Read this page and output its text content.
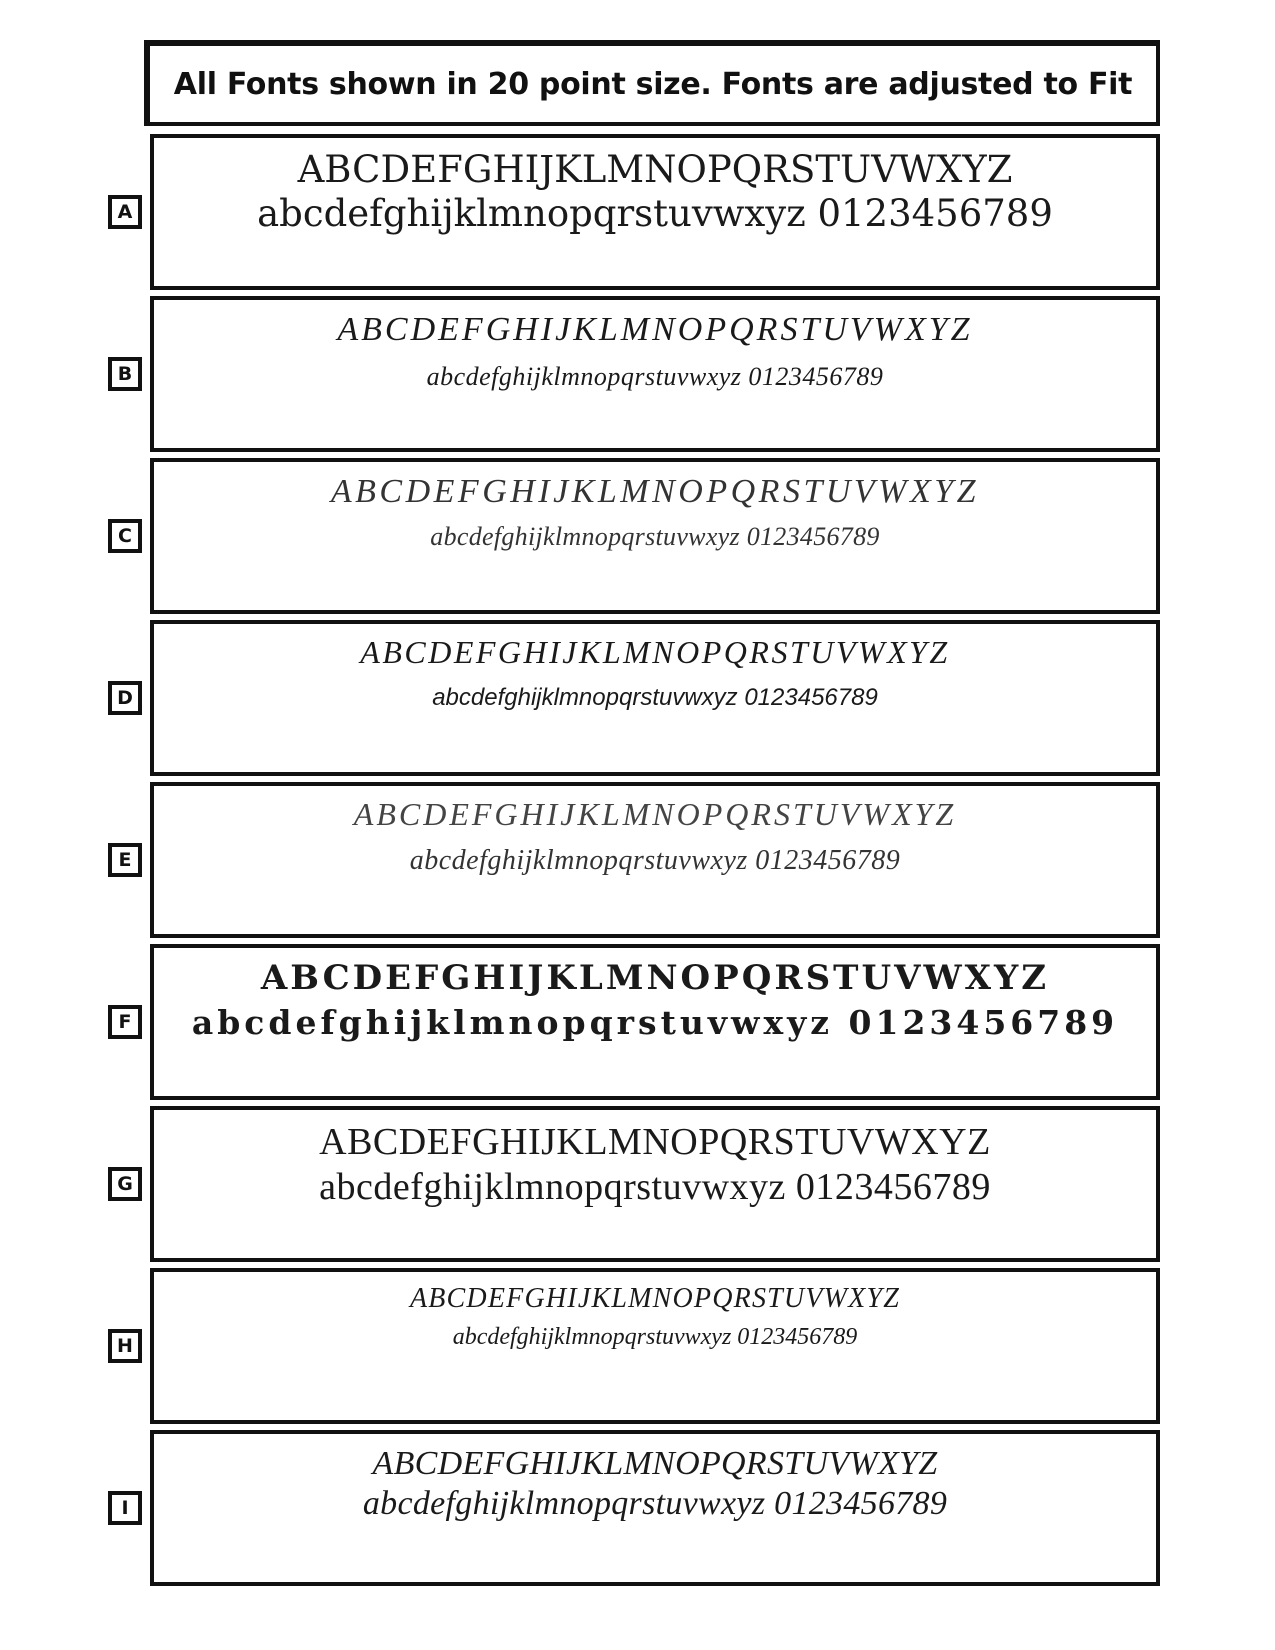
All Fonts shown in 20 point size. Fonts are adjusted to Fit
A
ABCDEFGHIJKLMNOPQRSTUVWXYZ
abcdefghijklmnopqrstuvwxyz 0123456789
B
ABCDEFGHIJKLMNOPQRSTUVWXYZ
abcdefghijklmnopqrstuvwxyz 0123456789
C
ABCDEFGHIJKLMNOPQRSTUVWXYZ
abcdefghijklmnopqrstuvwxyz 0123456789
D
ABCDEFGHIJKLMNOPQRSTUVWXYZ
abcdefghijklmnopqrstuvwxyz 0123456789
E
ABCDEFGHIJKLMNOPQRSTUVWXYZ
abcdefghijklmnopqrstuvwxyz 0123456789
F
ABCDEFGHIJKLMNOPQRSTUVWXYZ
abcdefghijklmnopqrstuvwxyz 0123456789
G
ABCDEFGHIJKLMNOPQRSTUVWXYZ
abcdefghijklmnopqrstuvwxyz 0123456789
H
ABCDEFGHIJKLMNOPQRSTUVWXYZ
abcdefghijklmnopqrstuvwxyz 0123456789
I
ABCDEFGHIJKLMNOPQRSTUVWXYZ
abcdefghijklmnopqrstuvwxyz 0123456789
